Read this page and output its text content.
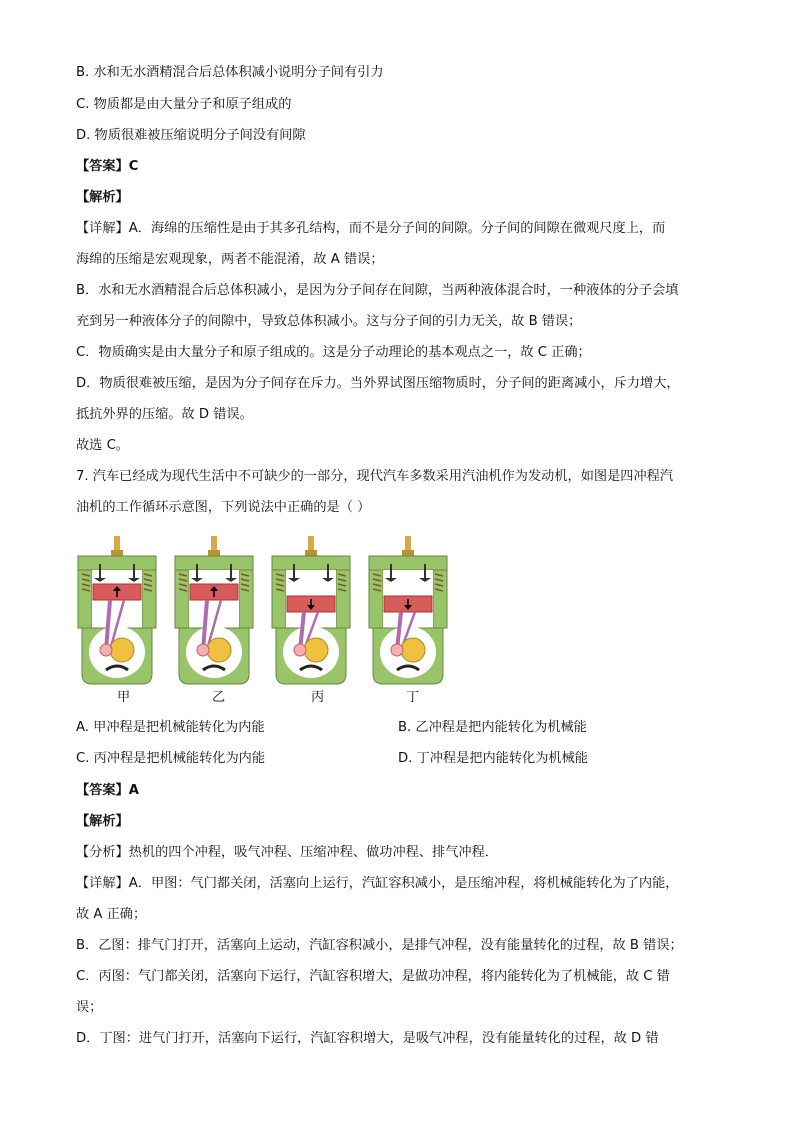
B. 水和无水酒精混合后总体积减小说明分子间有引力
C. 物质都是由大量分子和原子组成的
D. 物质很难被压缩说明分子间没有间隙
【答案】C
【解析】
【详解】A．海绵的压缩性是由于其多孔结构，而不是分子间的间隙。分子间的间隙在微观尺度上，而
海绵的压缩是宏观现象，两者不能混淆，故 A 错误；
B．水和无水酒精混合后总体积减小，是因为分子间存在间隙，当两种液体混合时，一种液体的分子会填
充到另一种液体分子的间隙中，导致总体积减小。这与分子间的引力无关，故 B 错误；
C．物质确实是由大量分子和原子组成的。这是分子动理论的基本观点之一，故 C 正确；
D．物质很难被压缩，是因为分子间存在斥力。当外界试图压缩物质时，分子间的距离减小，斥力增大，
抵抗外界的压缩。故 D 错误。
故选 C。
7. 汽车已经成为现代生活中不可缺少的一部分，现代汽车多数采用汽油机作为发动机，如图是四冲程汽
油机的工作循环示意图，下列说法中正确的是（ ）
【答案】A
【解析】
【分析】热机的四个冲程，吸气冲程、压缩冲程、做功冲程、排气冲程．
【详解】A．甲图：气门都关闭，活塞向上运行，汽缸容积减小，是压缩冲程，将机械能转化为了内能，
故 A 正确；
B．乙图：排气门打开，活塞向上运动，汽缸容积减小，是排气冲程，没有能量转化的过程，故 B 错误；
C．丙图：气门都关闭，活塞向下运行，汽缸容积增大，是做功冲程，将内能转化为了机械能，故 C 错
误；
D．丁图：进气门打开，活塞向下运行，汽缸容积增大，是吸气冲程，没有能量转化的过程，故 D 错
甲	乙	丙	丁
A. 甲冲程是把机械能转化为内能	B. 乙冲程是把内能转化为机械能
C. 丙冲程是把机械能转化为内能	D. 丁冲程是把内能转化为机械能
